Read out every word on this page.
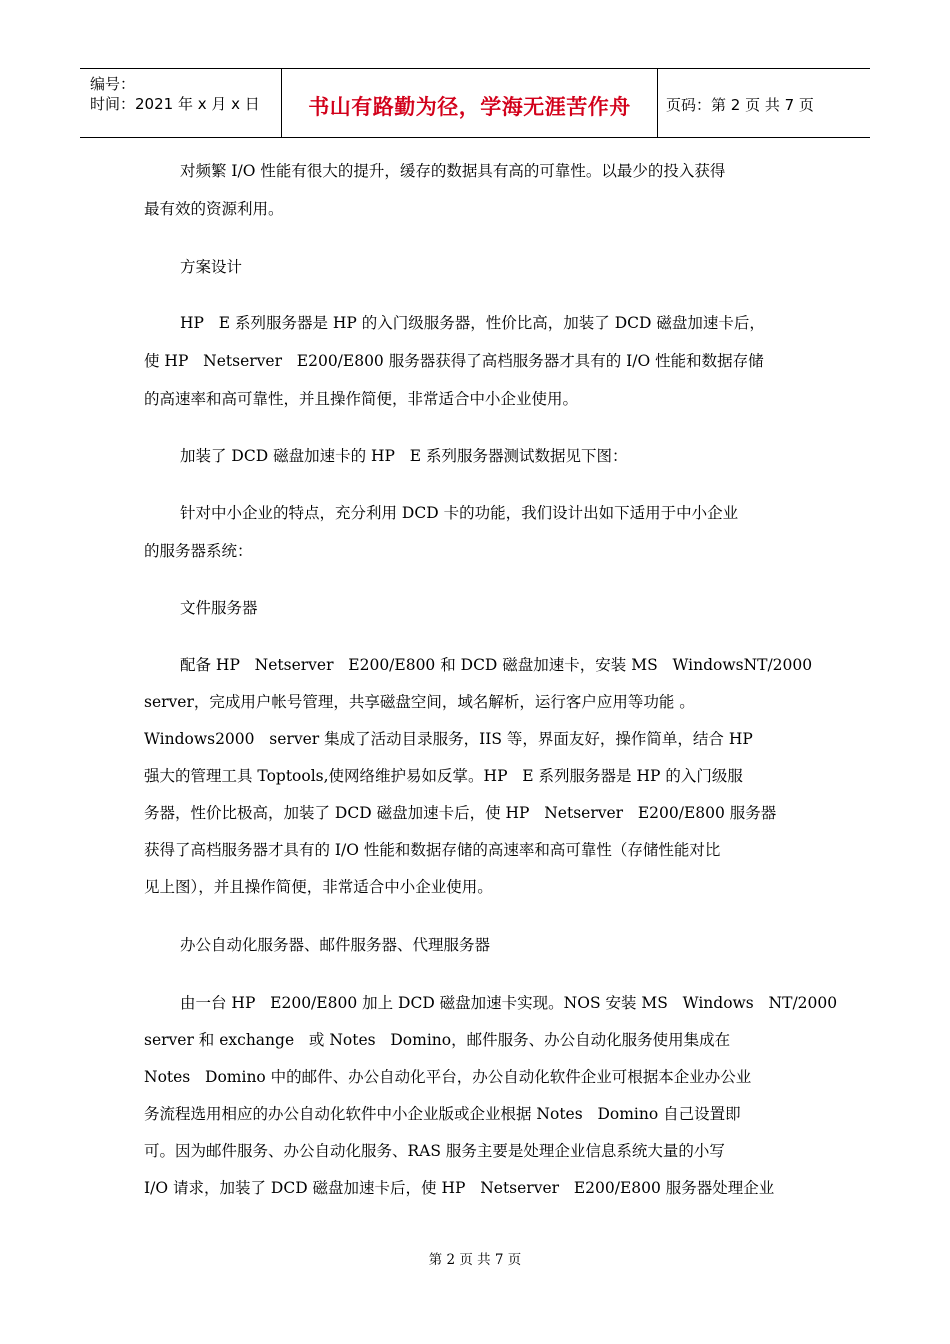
编号：
时间：2021 年 x 月 x 日	书山有路勤为径，学海无涯苦作舟	页码：第 2 页 共 7 页
对频繁 I/O 性能有很大的提升，缓存的数据具有高的可靠性。以最少的投入获得
最有效的资源利用。
方案设计
HP   E 系列服务器是 HP 的入门级服务器，性价比高，加装了 DCD 磁盘加速卡后，
使 HP   Netserver   E200/E800 服务器获得了高档服务器才具有的 I/O 性能和数据存储
的高速率和高可靠性，并且操作简便，非常适合中小企业使用。
加装了 DCD 磁盘加速卡的 HP   E 系列服务器测试数据见下图：
针对中小企业的特点，充分利用 DCD 卡的功能，我们设计出如下适用于中小企业
的服务器系统：
文件服务器
配备 HP   Netserver   E200/E800 和 DCD 磁盘加速卡，安装 MS   WindowsNT/2000
server，完成用户帐号管理，共享磁盘空间，域名解析，运行客户应用等功能 。
Windows2000   server 集成了活动目录服务，IIS 等，界面友好，操作简单，结合 HP
强大的管理工具 Toptools,使网络维护易如反掌。HP   E 系列服务器是 HP 的入门级服
务器，性价比极高，加装了 DCD 磁盘加速卡后，使 HP   Netserver   E200/E800 服务器
获得了高档服务器才具有的 I/O 性能和数据存储的高速率和高可靠性（存储性能对比
见上图），并且操作简便，非常适合中小企业使用。
办公自动化服务器、邮件服务器、代理服务器
由一台 HP   E200/E800 加上 DCD 磁盘加速卡实现。NOS 安装 MS   Windows   NT/2000
server 和 exchange   或 Notes   Domino，邮件服务、办公自动化服务使用集成在
Notes   Domino 中的邮件、办公自动化平台，办公自动化软件企业可根据本企业办公业
务流程选用相应的办公自动化软件中小企业版或企业根据 Notes   Domino 自己设置即
可。因为邮件服务、办公自动化服务、RAS 服务主要是处理企业信息系统大量的小写
I/O 请求，加装了 DCD 磁盘加速卡后，使 HP   Netserver   E200/E800 服务器处理企业
第 2 页 共 7 页
